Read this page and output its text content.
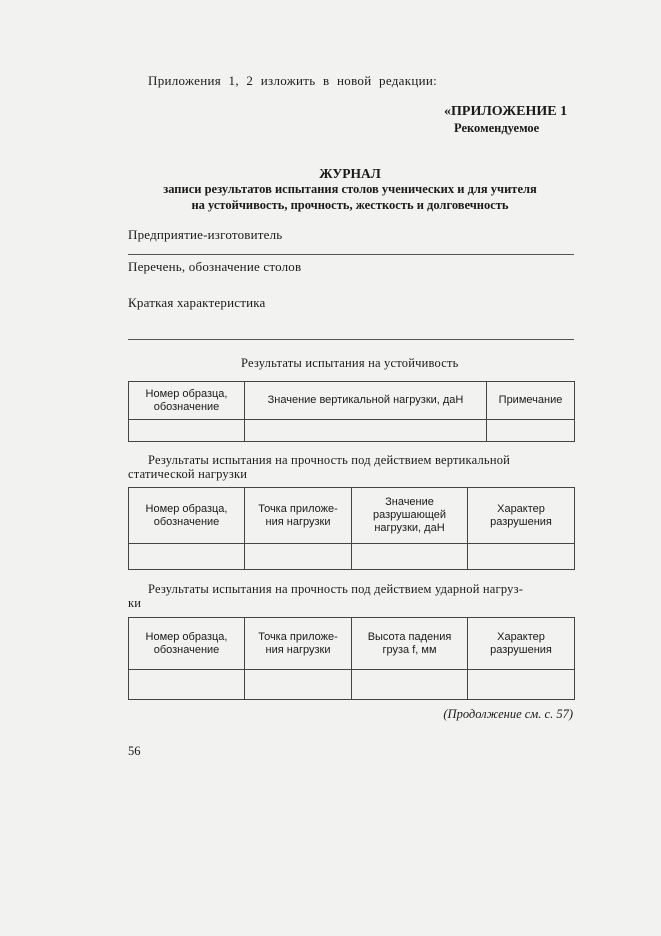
Приложения 1, 2 изложить в новой редакции:
«ПРИЛОЖЕНИЕ 1
Рекомендуемое
ЖУРНАЛ
записи результатов испытания столов ученических и для учителя
на устойчивость, прочность, жесткость и долговечность
Предприятие-изготовитель
Перечень, обозначение столов
Краткая характеристика
Результаты испытания на устойчивость
Номер образца, обозначение	Значение вертикальной нагрузки, даН	Примечание

Результаты испытания на прочность под действием вертикальной
статической нагрузки
Номер образца, обозначение	Точка приложе- ния нагрузки	Значение разрушающей нагрузки, даН	Характер разрушения

Результаты испытания на прочность под действием ударной нагруз-
ки
Номер образца, обозначение	Точка приложе- ния нагрузки	Высота падения груза f, мм	Характер разрушения

(Продолжение см. с. 57)
56
